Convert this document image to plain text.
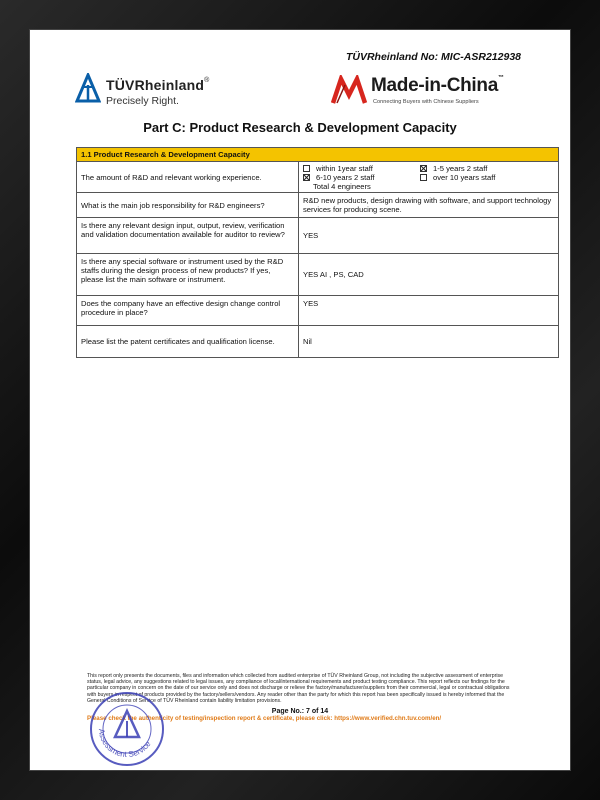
TÜVRheinland No: MIC-ASR212938
TÜVRheinland®
Precisely Right.
Made-in-China™
Connecting Buyers with Chinese Suppliers
Part C: Product Research & Development Capacity
1.1 Product Research & Development Capacity	
The amount of R&D and relevant working experience.	within 1year staff 1-5 years 2 staff
6-10 years 2 staff over 10 years staff
Total 4 engineers

What is the main job responsibility for R&D engineers?	R&D new products, design drawing with software, and support technology services for producing scene.
Is there any relevant design input, output, review, verification and validation documentation available for auditor to review?	YES
Is there any special software or instrument used by the R&D staffs during the design process of new products? If yes, please list the main software or instrument.	YES AI , PS, CAD
Does the company have an effective design change control procedure in place?	YES
Please list the patent certificates and qualification license.	Nil
This report only presents the documents, files and information which collected from audited enterprise of TÜV Rheinland Group, not including the subjective assessment of enterprise status, legal advice, any suggestions related to legal issues, any compliance of local/international requirements and product testing compliance. This report reflects our findings for the particular company in concern on the date of our service only and does not discharge or relieve the factory/manufacturer/suppliers from their commercial, legal or contractual obligations with buyers in respect of products provided by the factory/sellers/vendors. Any reader other than the party for which this report has been specifically issued is hereby informed that the General Conditions of Service of TÜV Rheinland contain liability limitation provisions.
Page No.: 7 of 14
Please check the authenticity of testing/inspection report & certificate, please click: https://www.verified.chn.tuv.com/en/
Assessment Service
